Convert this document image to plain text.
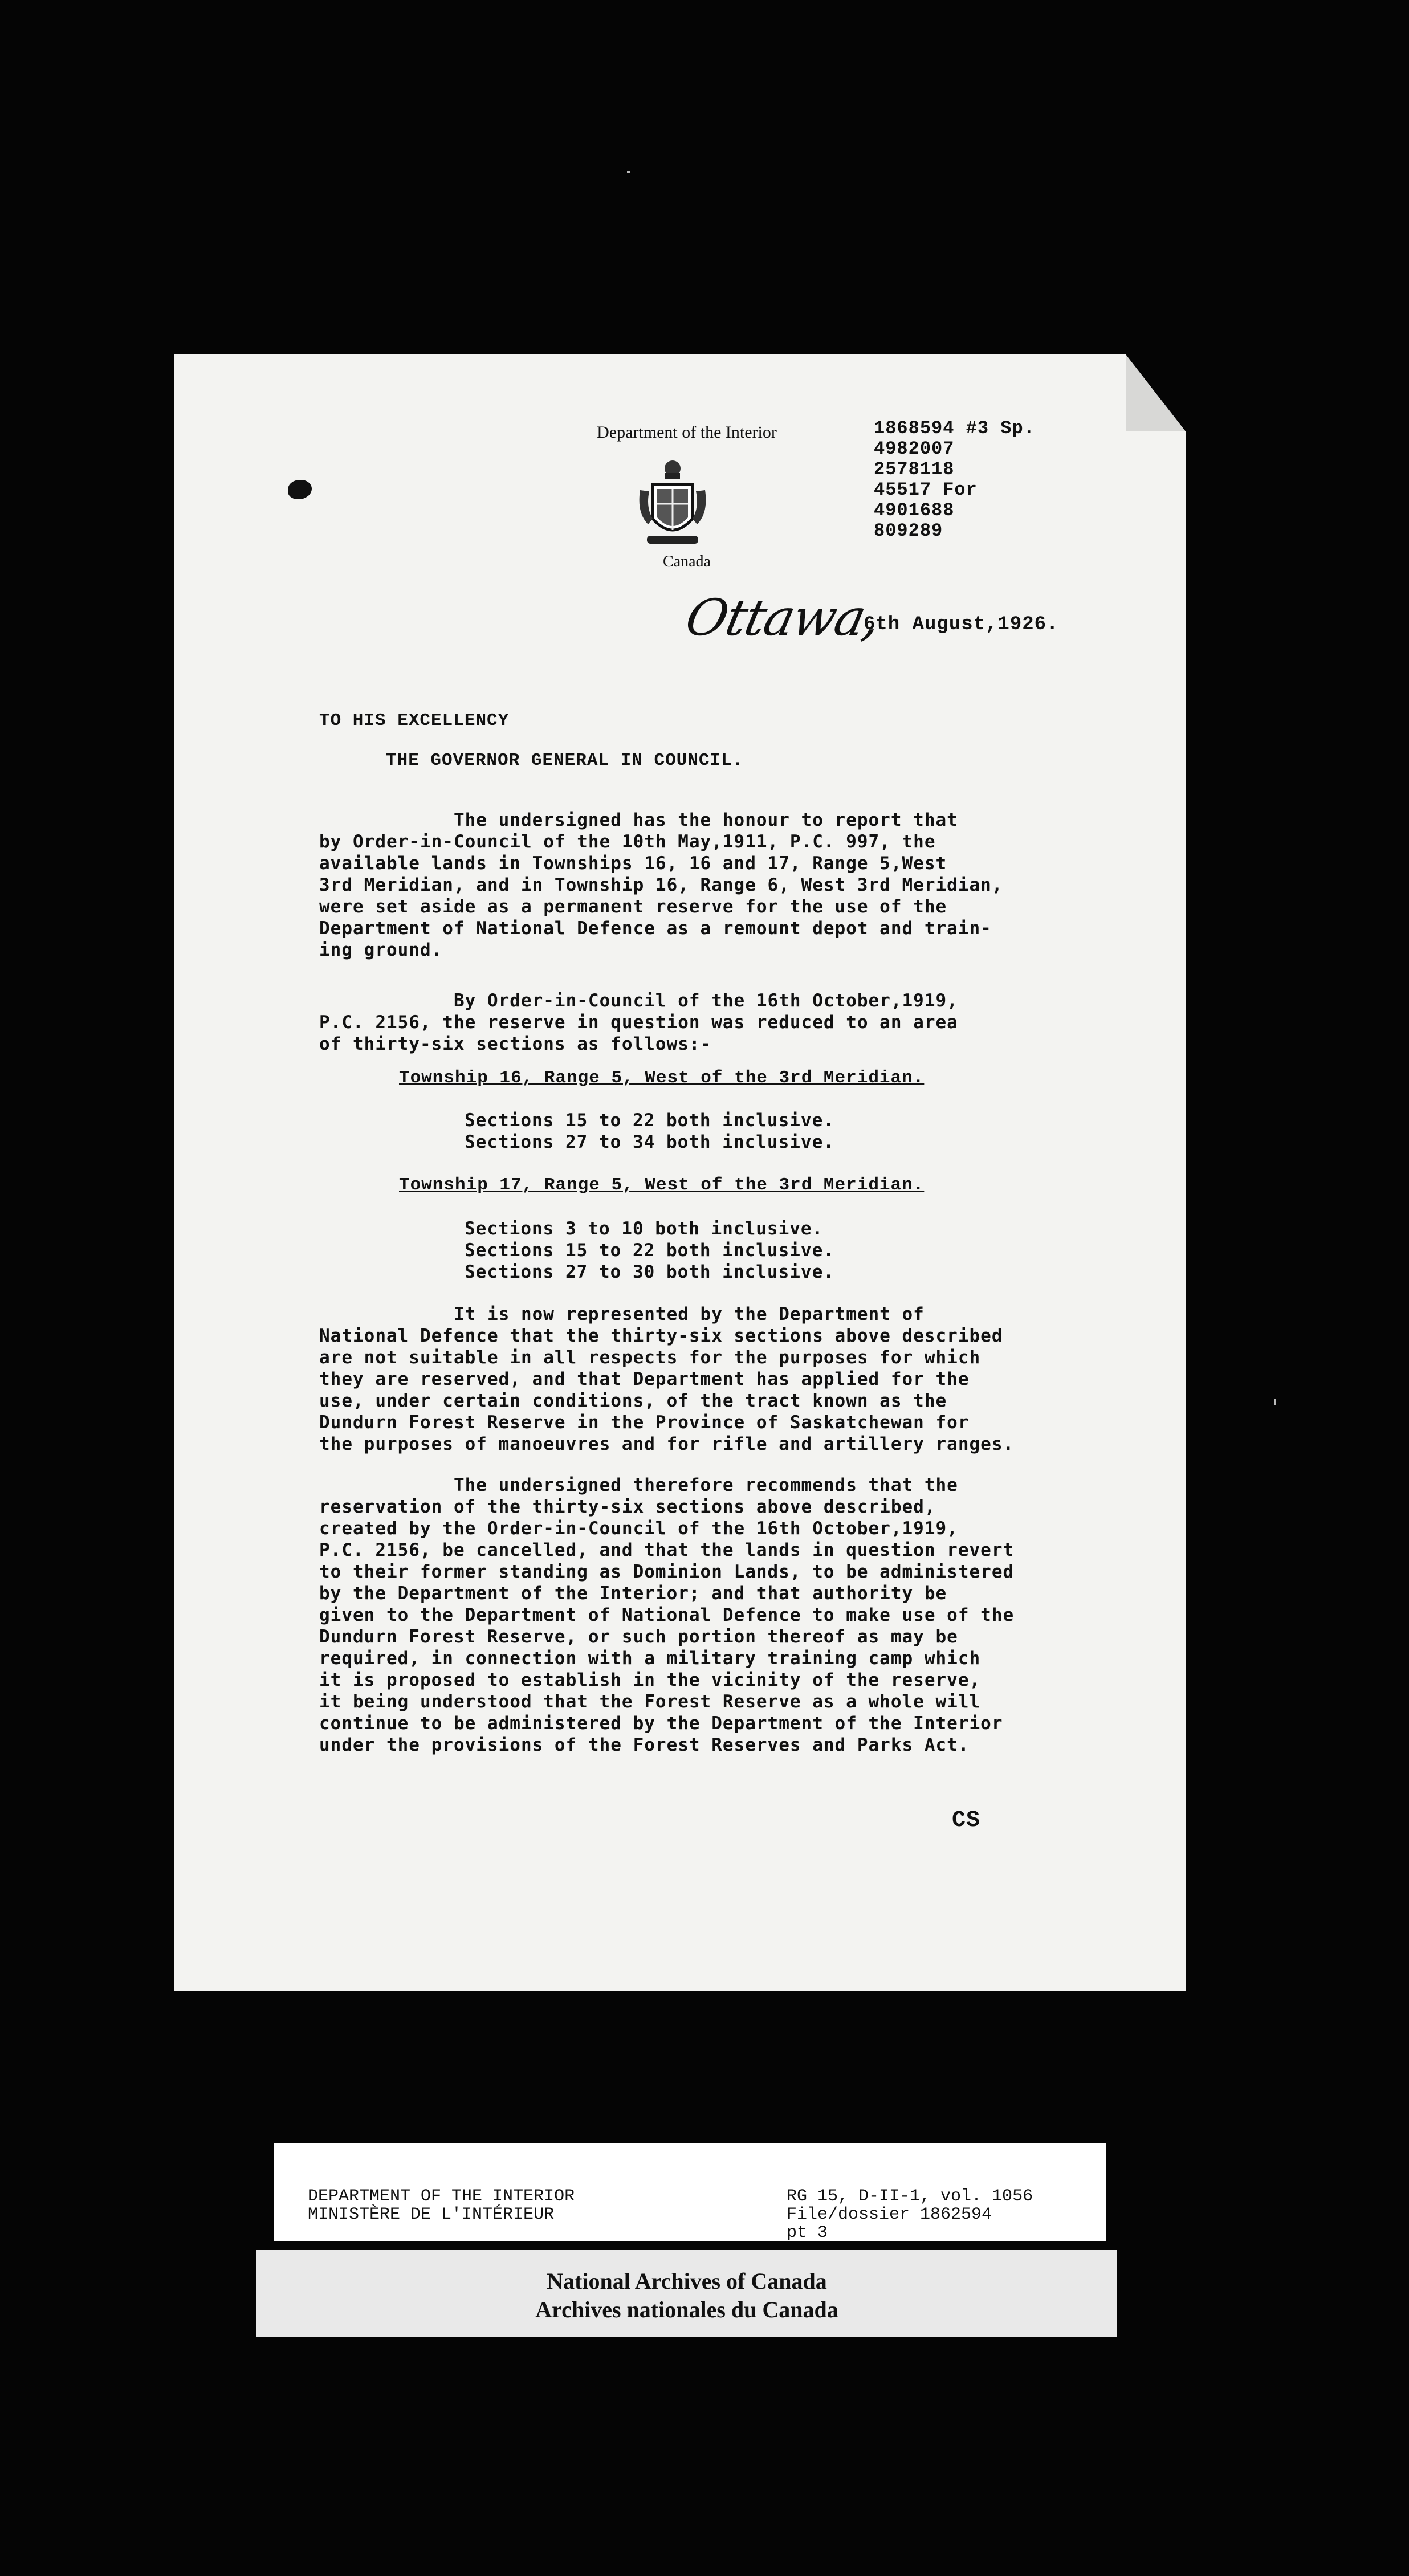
Department of the Interior
Canada
1868594 #3 Sp.
4982007
2578118
45517 For
4901688
809289
Ottawa,
6th August,1926.
TO HIS EXCELLENCY
THE GOVERNOR GENERAL IN COUNCIL.
The undersigned has the honour to report that
by Order-in-Council of the 10th May,1911, P.C. 997, the
available lands in Townships 16, 16 and 17, Range 5,West
3rd Meridian, and in Township 16, Range 6, West 3rd Meridian,
were set aside as a permanent reserve for the use of the
Department of National Defence as a remount depot and train-
ing ground.
By Order-in-Council of the 16th October,1919,
P.C. 2156, the reserve in question was reduced to an area
of thirty-six sections as follows:-
Township 16, Range 5, West of the 3rd Meridian.
Sections 15 to 22 both inclusive.
Sections 27 to 34 both inclusive.
Township 17, Range 5, West of the 3rd Meridian.
Sections 3 to 10 both inclusive.
Sections 15 to 22 both inclusive.
Sections 27 to 30 both inclusive.
It is now represented by the Department of
National Defence that the thirty-six sections above described
are not suitable in all respects for the purposes for which
they are reserved, and that Department has applied for the
use, under certain conditions, of the tract known as the
Dundurn Forest Reserve in the Province of Saskatchewan for
the purposes of manoeuvres and for rifle and artillery ranges.
The undersigned therefore recommends that the
reservation of the thirty-six sections above described,
created by the Order-in-Council of the 16th October,1919,
P.C. 2156, be cancelled, and that the lands in question revert
to their former standing as Dominion Lands, to be administered
by the Department of the Interior; and that authority be
given to the Department of National Defence to make use of the
Dundurn Forest Reserve, or such portion thereof as may be
required, in connection with a military training camp which
it is proposed to establish in the vicinity of the reserve,
it being understood that the Forest Reserve as a whole will
continue to be administered by the Department of the Interior
under the provisions of the Forest Reserves and Parks Act.
CS
DEPARTMENT OF THE INTERIOR
MINISTÈRE DE L'INTÉRIEUR
RG 15, D-II-1, vol. 1056
File/dossier 1862594
pt 3
National Archives of Canada
Archives nationales du Canada
